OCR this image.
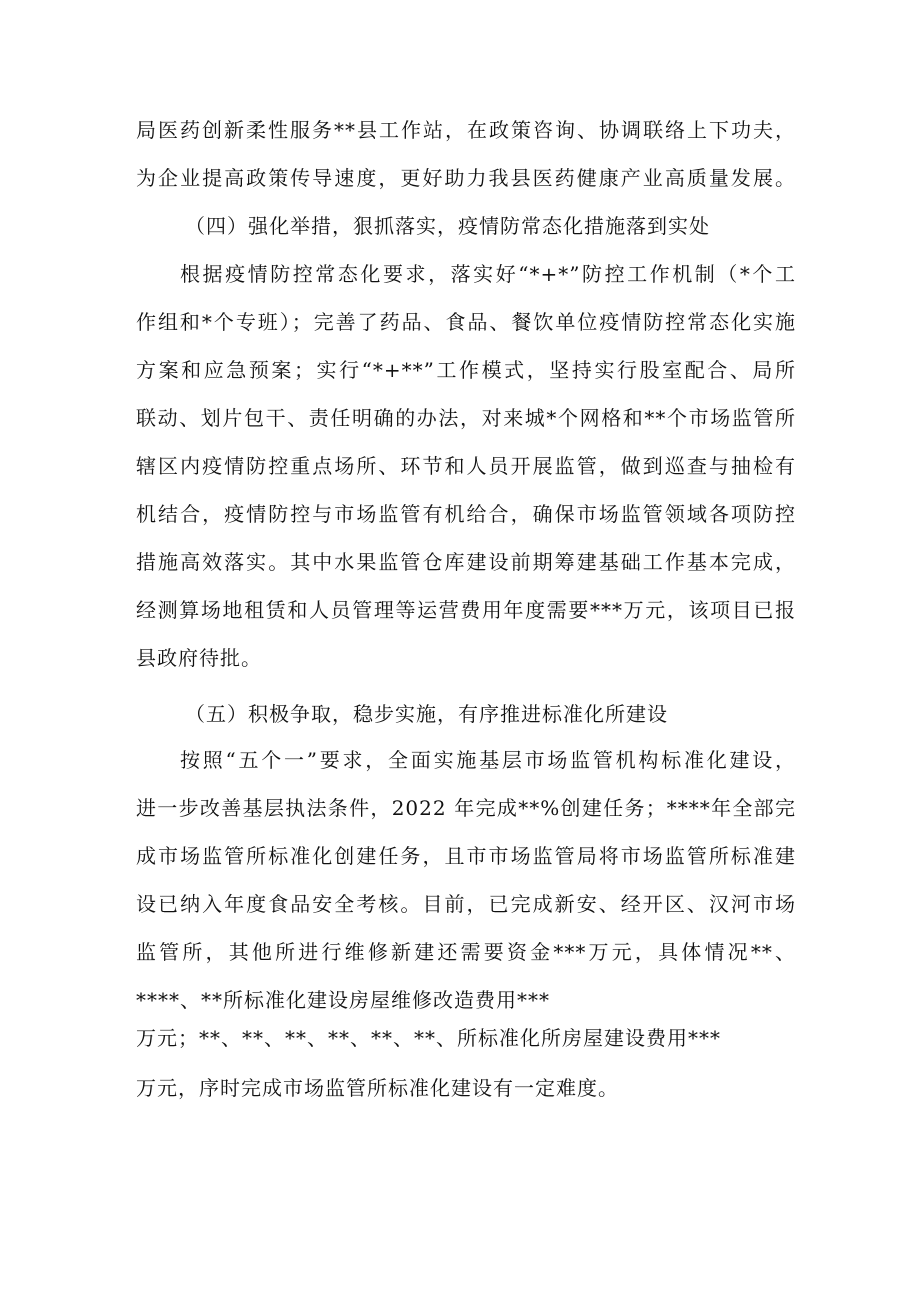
局医药创新柔性服务**县工作站，在政策咨询、协调联络上下功夫，

为企业提高政策传导速度，更好助力我县医药健康产业高质量发展。

（四）强化举措，狠抓落实，疫情防常态化措施落到实处

根据疫情防控常态化要求，落实好“*+*”防控工作机制（*个工

作组和*个专班）；完善了药品、食品、餐饮单位疫情防控常态化实施

方案和应急预案；实行“*+**”工作模式，坚持实行股室配合、局所

联动、划片包干、责任明确的办法，对来城*个网格和**个市场监管所

辖区内疫情防控重点场所、环节和人员开展监管，做到巡查与抽检有

机结合，疫情防控与市场监管有机给合，确保市场监管领域各项防控

措施高效落实。其中水果监管仓库建设前期筹建基础工作基本完成，

经测算场地租赁和人员管理等运营费用年度需要***万元，该项目已报

县政府待批。

（五）积极争取，稳步实施，有序推进标准化所建设

按照“五个一”要求，全面实施基层市场监管机构标准化建设，

进一步改善基层执法条件，2022 年完成**%创建任务；****年全部完

成市场监管所标准化创建任务，且市市场监管局将市场监管所标准建

设已纳入年度食品安全考核。目前，已完成新安、经开区、汉河市场

监管所，其他所进行维修新建还需要资金***万元，具体情况**、

****、**所标准化建设房屋维修改造费用***

万元；**、**、**、**、**、**、所标准化所房屋建设费用***

万元，序时完成市场监管所标准化建设有一定难度。
